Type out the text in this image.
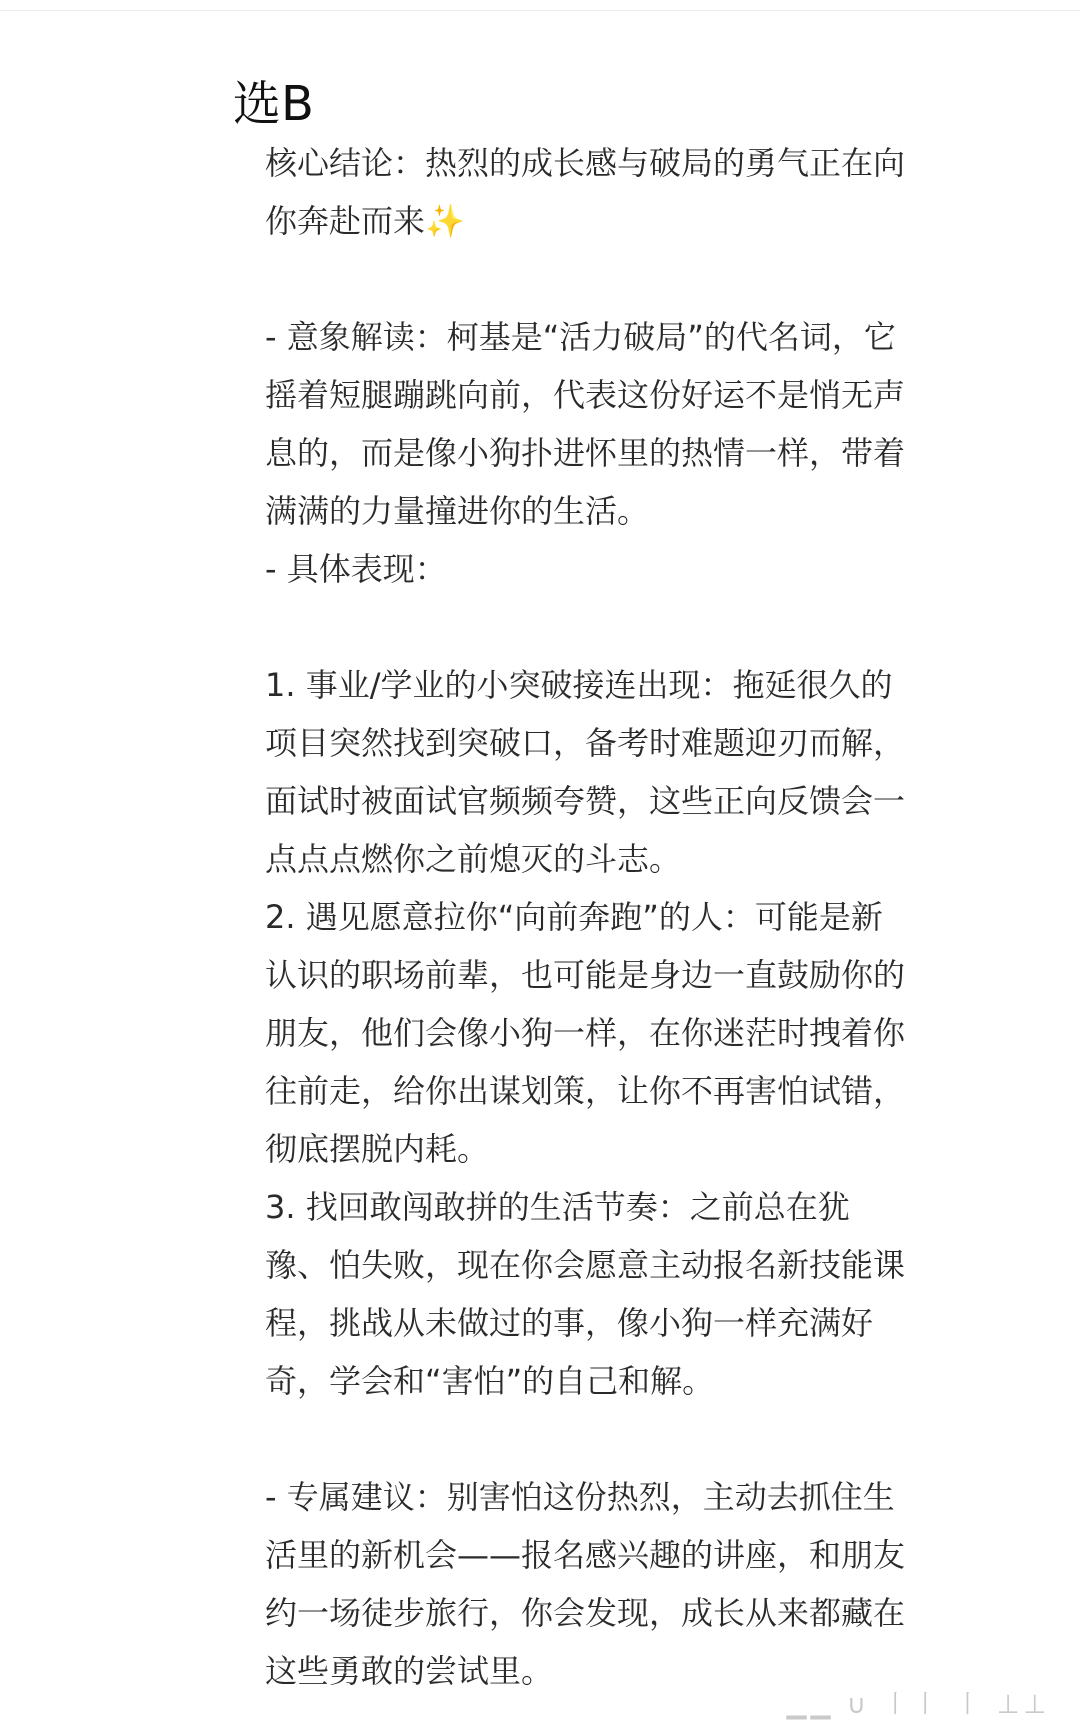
选B

核心结论：热烈的成长感与破局的勇气正在向你奔赴而来✨

- 意象解读：柯基是“活力破局”的代名词，它摇着短腿蹦跳向前，代表这份好运不是悄无声息的，而是像小狗扑进怀里的热情一样，带着满满的力量撞进你的生活。

- 具体表现：

1. 事业/学业的小突破接连出现：拖延很久的项目突然找到突破口，备考时难题迎刃而解，面试时被面试官频频夸赞，这些正向反馈会一点点点燃你之前熄灭的斗志。

2. 遇见愿意拉你“向前奔跑”的人：可能是新认识的职场前辈，也可能是身边一直鼓励你的朋友，他们会像小狗一样，在你迷茫时拽着你往前走，给你出谋划策，让你不再害怕试错，彻底摆脱内耗。

3. 找回敢闯敢拼的生活节奏：之前总在犹豫、怕失败，现在你会愿意主动报名新技能课程，挑战从未做过的事，像小狗一样充满好奇，学会和“害怕”的自己和解。

- 专属建议：别害怕这份热烈，主动去抓住生活里的新机会——报名感兴趣的讲座，和朋友约一场徒步旅行，你会发现，成长从来都藏在这些勇敢的尝试里。

▁▁ ∪ 〡〡 〡 ⊥⊥
